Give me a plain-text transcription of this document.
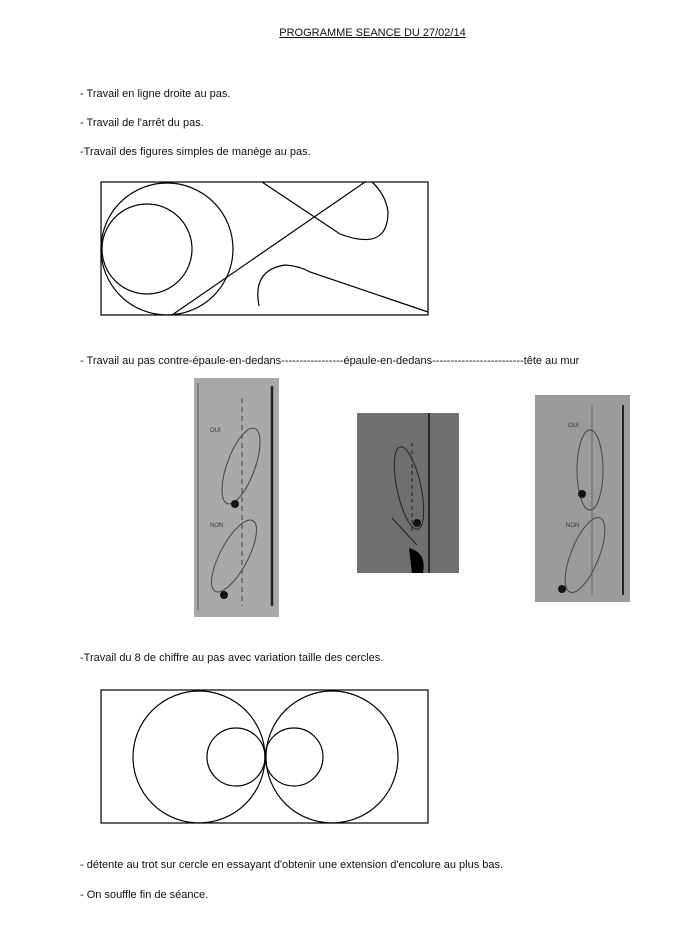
PROGRAMME SEANCE DU 27/02/14
- Travail en ligne droite au pas.
- Travail de l'arrêt du pas.
-Travail des figures simples de manège au pas.
- Travail au pas contre-épaule-en-dedans-----------------épaule-en-dedans-------------------------tête au mur
OUI
NON
OUI
NON
-Travail du 8 de chiffre au pas avec variation taille des cercles.
- détente au trot sur cercle en essayant d'obtenir une extension d'encolure au plus bas.
- On souffle fin de séance.
